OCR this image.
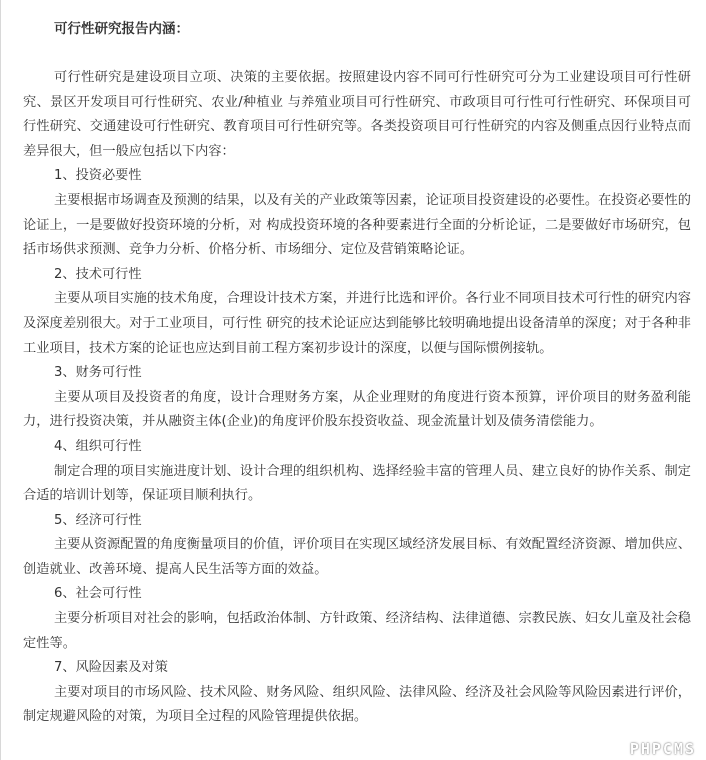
可行性研究报告内涵：

可行性研究是建设项目立项、决策的主要依据。按照建设内容不同可行性研究可分为工业建设项目可行性研究、景区开发项目可行性研究、农业/种植业 与养殖业项目可行性研究、市政项目可行性可行性研究、环保项目可行性研究、交通建设可行性研究、教育项目可行性研究等。各类投资项目可行性研究的内容及侧重点因行业特点而差异很大，但一般应包括以下内容：

1、投资必要性

主要根据市场调查及预测的结果，以及有关的产业政策等因素，论证项目投资建设的必要性。在投资必要性的论证上，一是要做好投资环境的分析，对 构成投资环境的各种要素进行全面的分析论证，二是要做好市场研究，包括市场供求预测、竞争力分析、价格分析、市场细分、定位及营销策略论证。

2、技术可行性

主要从项目实施的技术角度，合理设计技术方案，并进行比选和评价。各行业不同项目技术可行性的研究内容及深度差别很大。对于工业项目，可行性 研究的技术论证应达到能够比较明确地提出设备清单的深度；对于各种非工业项目，技术方案的论证也应达到目前工程方案初步设计的深度，以便与国际惯例接轨。

3、财务可行性

主要从项目及投资者的角度，设计合理财务方案，从企业理财的角度进行资本预算，评价项目的财务盈利能力，进行投资决策，并从融资主体(企业)的角度评价股东投资收益、现金流量计划及债务清偿能力。

4、组织可行性

制定合理的项目实施进度计划、设计合理的组织机构、选择经验丰富的管理人员、建立良好的协作关系、制定合适的培训计划等，保证项目顺利执行。

5、经济可行性

主要从资源配置的角度衡量项目的价值，评价项目在实现区域经济发展目标、有效配置经济资源、增加供应、创造就业、改善环境、提高人民生活等方面的效益。

6、社会可行性

主要分析项目对社会的影响，包括政治体制、方针政策、经济结构、法律道德、宗教民族、妇女儿童及社会稳定性等。

7、风险因素及对策

主要对项目的市场风险、技术风险、财务风险、组织风险、法律风险、经济及社会风险等风险因素进行评价，制定规避风险的对策，为项目全过程的风险管理提供依据。

PHPCMS
